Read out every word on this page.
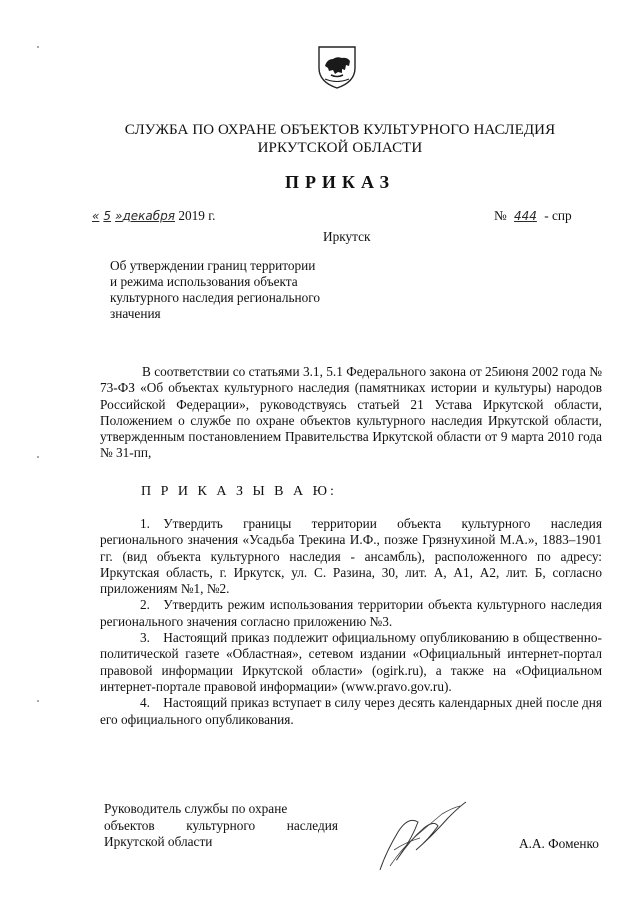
СЛУЖБА ПО ОХРАНЕ ОБЪЕКТОВ КУЛЬТУРНОГО НАСЛЕДИЯ
ИРКУТСКОЙ ОБЛАСТИ
ПРИКАЗ
« 5 »декабря 2019 г.	№ 444 - спр
Иркутск
Об утверждении границ территории
и режима использования объекта
культурного наследия регионального
значения
В соответствии со статьями 3.1, 5.1 Федерального закона от 25июня 2002 года № 73-ФЗ «Об объектах культурного наследия (памятниках истории и культуры) народов Российской Федерации», руководствуясь статьей 21 Устава Иркутской области, Положением о службе по охране объектов культурного наследия Иркутской области, утвержденным постановлением Правительства Иркутской области от 9 марта 2010 года № 31-пп,
П Р И К А З Ы В А Ю:
1. Утвердить границы территории объекта культурного наследия регионального значения «Усадьба Трекина И.Ф., позже Грязнухиной М.А.», 1883–1901 гг. (вид объекта культурного наследия - ансамбль), расположенного по адресу: Иркутская область, г. Иркутск, ул. С. Разина, 30, лит. А, А1, А2, лит. Б, согласно приложениям №1, №2.
2. Утвердить режим использования территории объекта культурного наследия регионального значения согласно приложению №3.
3. Настоящий приказ подлежит официальному опубликованию в общественно-политической газете «Областная», сетевом издании «Официальный интернет-портал правовой информации Иркутской области» (ogirk.ru), а также на «Официальном интернет-портале правовой информации» (www.pravo.gov.ru).
4. Настоящий приказ вступает в силу через десять календарных дней после дня его официального опубликования.
Руководитель службы по охране
объектов культурного наследия
Иркутской области	А.А. Фоменко
